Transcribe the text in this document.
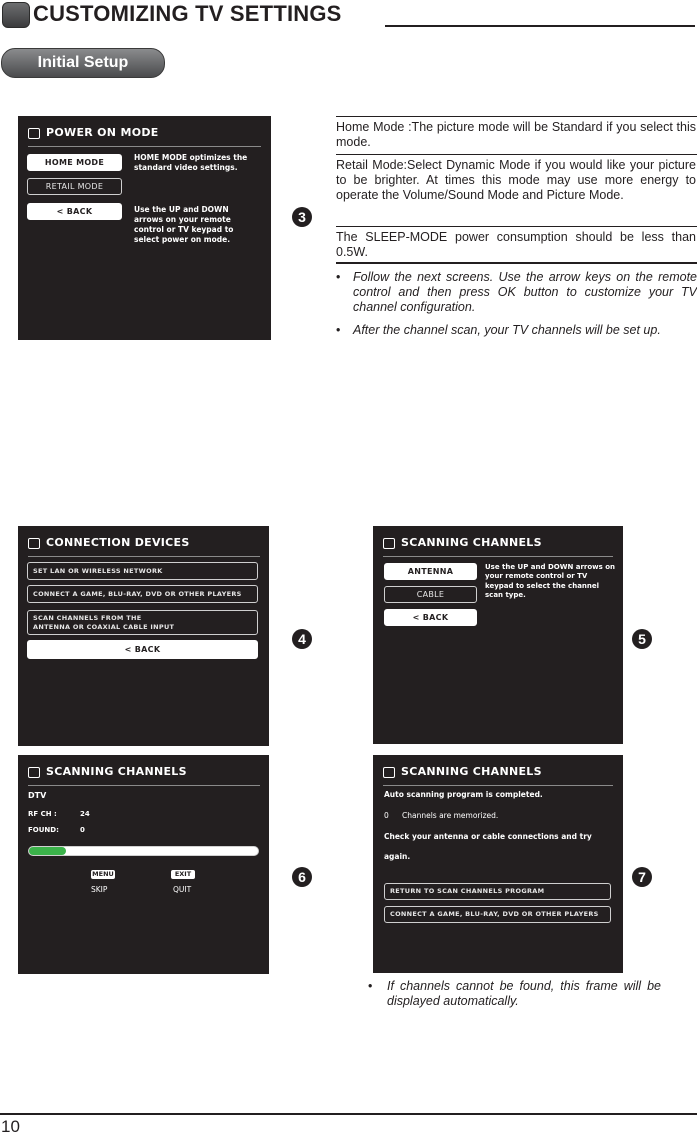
CUSTOMIZING TV SETTINGS
Initial Setup
POWER ON MODE
HOME MODE
RETAIL MODE
< BACK
HOME MODE optimizes the standard video settings.
Use the UP and DOWN arrows on your remote control or TV keypad to select power on mode.
3
Home Mode :The picture mode will be Standard if you select this mode.
Retail Mode:Select Dynamic Mode if you would like your picture to be brighter. At times this mode may use more energy to operate the Volume/Sound Mode and Picture Mode.
The SLEEP-MODE power consumption should be less than 0.5W.
• Follow the next screens. Use the arrow keys on the remote control and then press OK button to customize your TV channel configuration.
• After the channel scan, your TV channels will be set up.
CONNECTION DEVICES
SET LAN OR WIRELESS NETWORK
CONNECT A GAME, BLU-RAY, DVD OR OTHER PLAYERS
SCAN CHANNELS FROM THE ANTENNA OR COAXIAL CABLE INPUT
< BACK
4
SCANNING CHANNELS
ANTENNA
CABLE
< BACK
Use the UP and DOWN arrows on your remote control or TV keypad to select the channel scan type.
5
SCANNING CHANNELS
DTV
RF CH :	24
FOUND:	0
MENU
SKIP
EXIT
QUIT
6
SCANNING CHANNELS
Auto scanning program is completed.
0 Channels are memorized.
Check your antenna or cable connections and try
again.
RETURN TO SCAN CHANNELS PROGRAM
CONNECT A GAME, BLU-RAY, DVD OR OTHER PLAYERS
7
• If channels cannot be found, this frame will be displayed automatically.
10
